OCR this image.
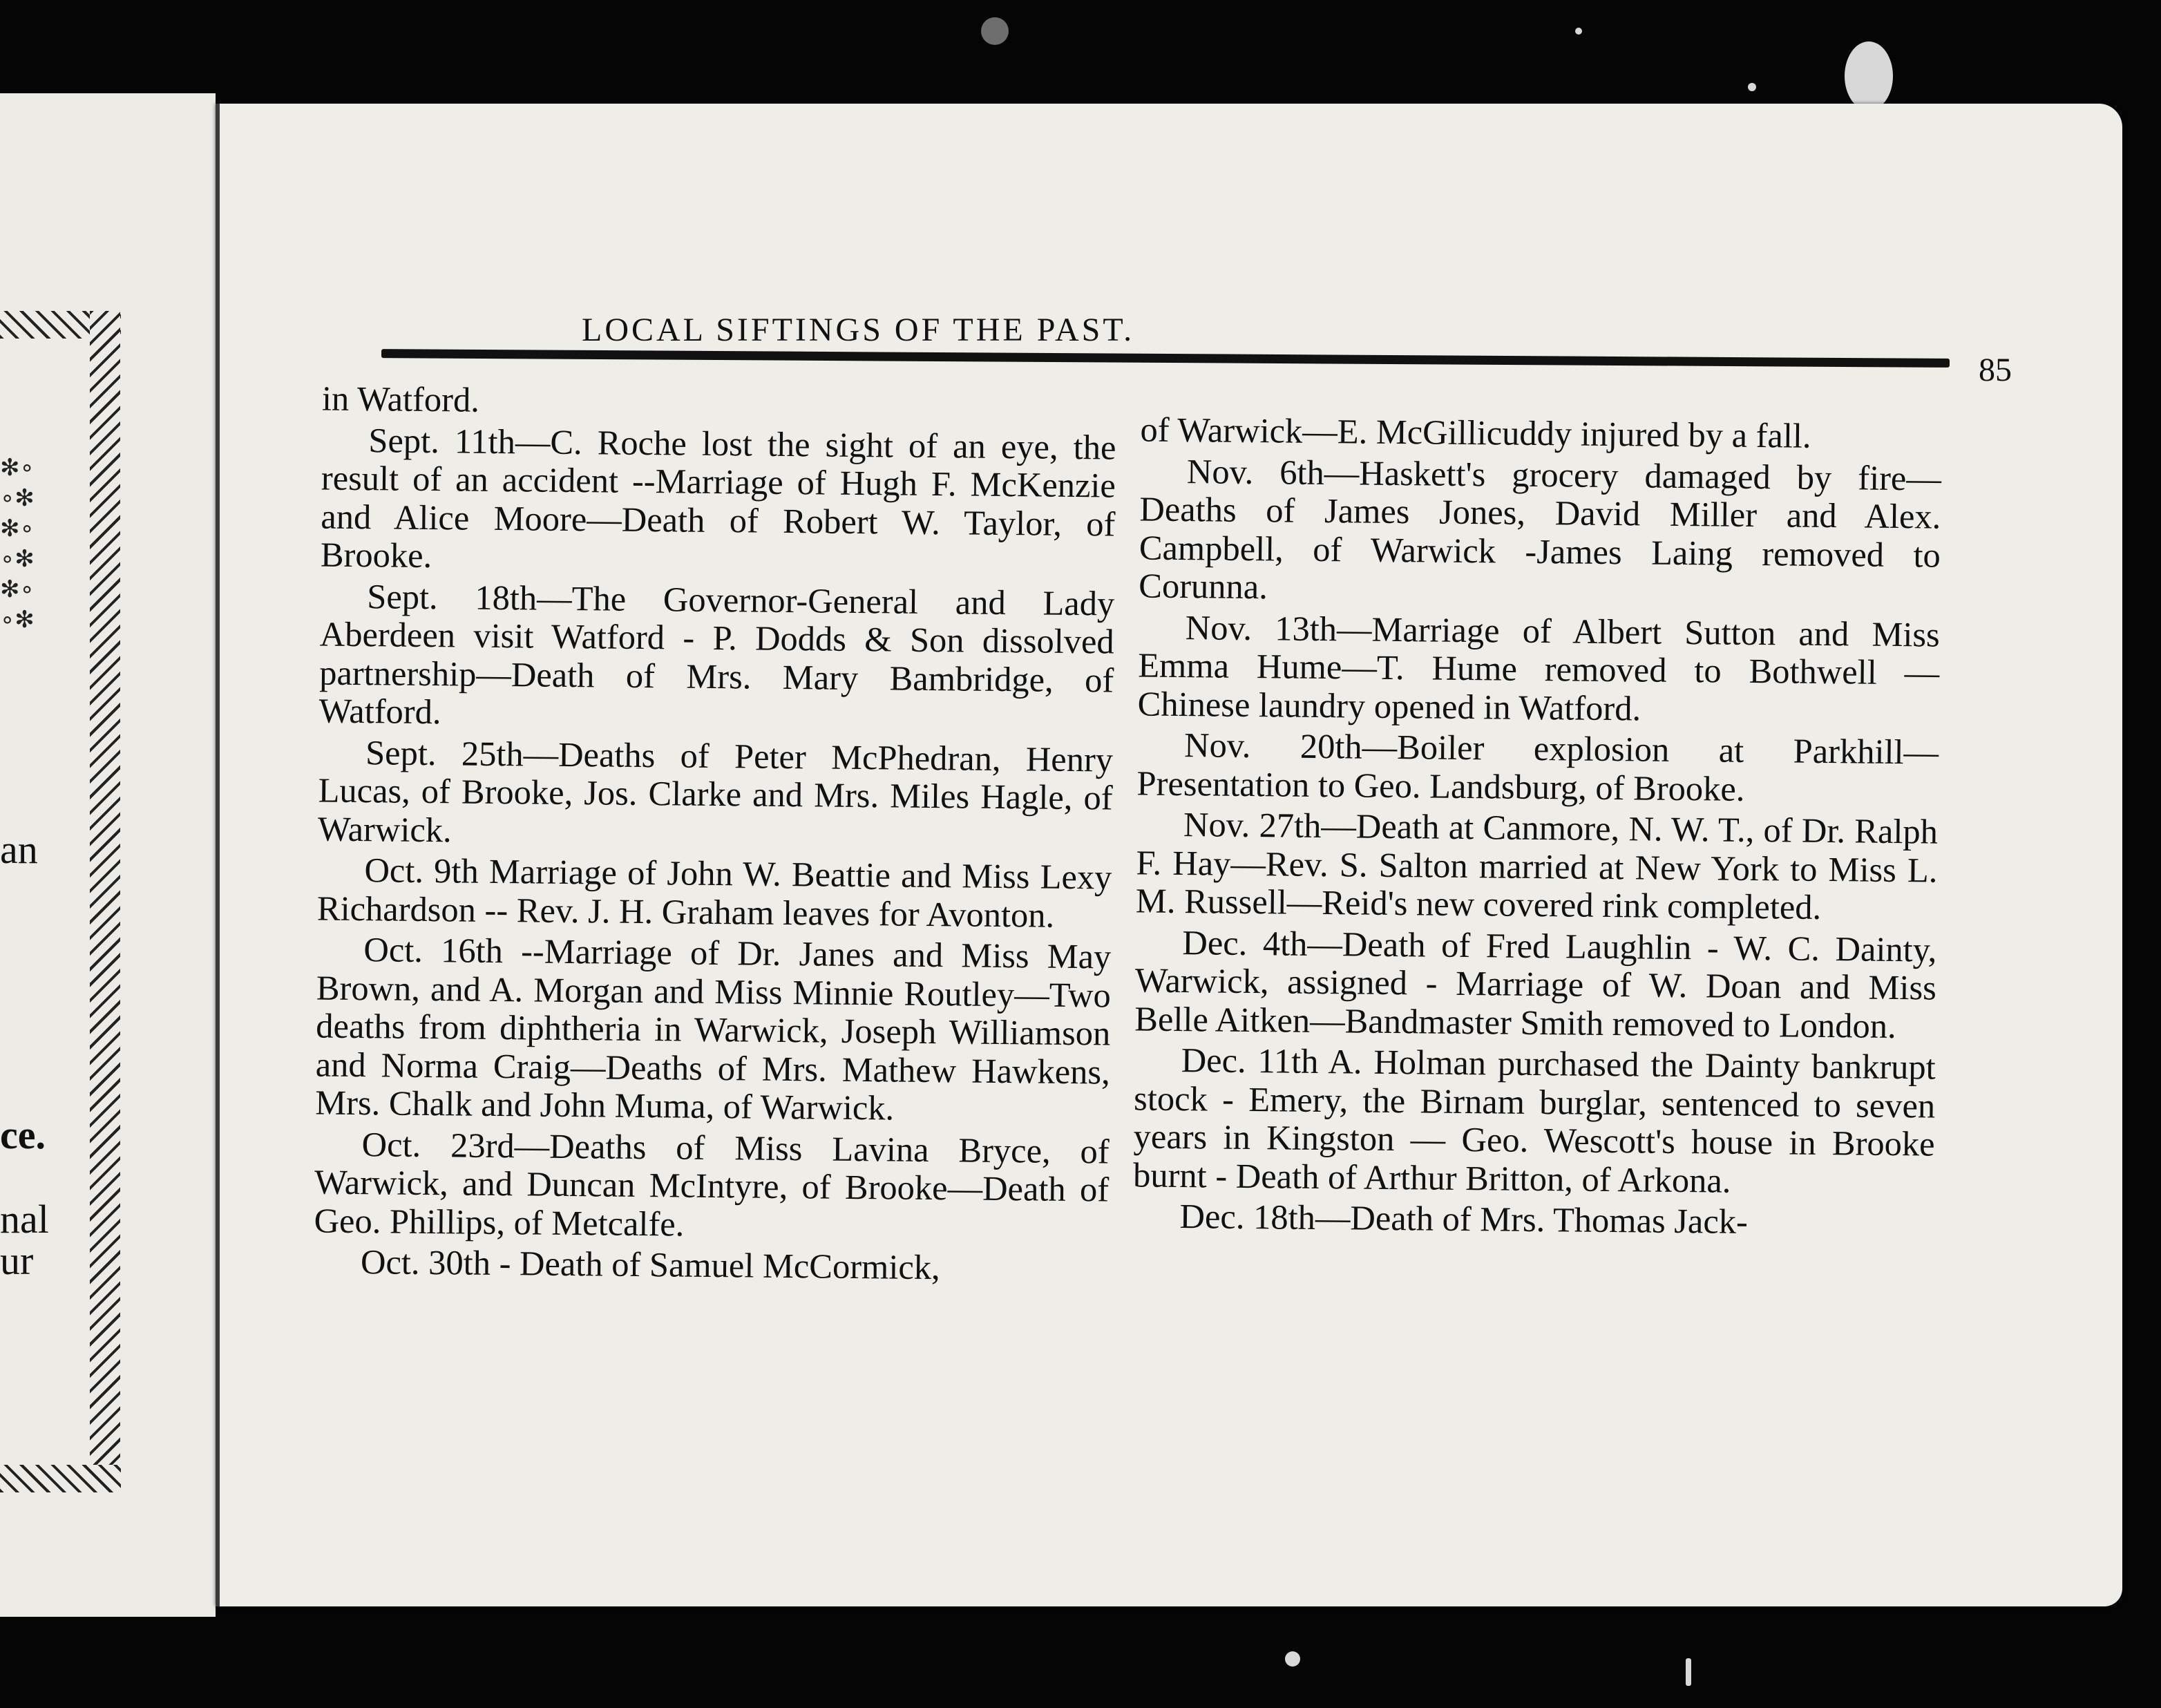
✻∘
∘✻
✻∘
∘✻
✻∘
∘✻
an
ce.
nal
ur
LOCAL SIFTINGS OF THE PAST.
85

in Watford.

Sept. 11th—C. Roche lost the sight of an eye, the result of an accident --Marriage of Hugh F. McKenzie and Alice Moore—Death of Robert W. Taylor, of Brooke.

Sept. 18th—The Governor-General and Lady Aberdeen visit Watford - P. Dodds & Son dissolved partnership—Death of Mrs. Mary Bambridge, of Watford.

Sept. 25th—Deaths of Peter McPhedran, Henry Lucas, of Brooke, Jos. Clarke and Mrs. Miles Hagle, of Warwick.

Oct. 9th Marriage of John W. Beattie and Miss Lexy Richardson -- Rev. J. H. Graham leaves for Avonton.

Oct. 16th --Marriage of Dr. Janes and Miss May Brown, and A. Morgan and Miss Minnie Routley—Two deaths from diphtheria in Warwick, Joseph Williamson and Norma Craig—Deaths of Mrs. Mathew Hawkens, Mrs. Chalk and John Muma, of Warwick.

Oct. 23rd—Deaths of Miss Lavina Bryce, of Warwick, and Duncan McIntyre, of Brooke—Death of Geo. Phillips, of Metcalfe.

Oct. 30th - Death of Samuel McCormick,

of Warwick—E. McGillicuddy injured by a fall.

Nov. 6th—Haskett's grocery damaged by fire—Deaths of James Jones, David Miller and Alex. Campbell, of Warwick -James Laing removed to Corunna.

Nov. 13th—Marriage of Albert Sutton and Miss Emma Hume—T. Hume removed to Bothwell — Chinese laundry opened in Watford.

Nov. 20th—Boiler explosion at Parkhill—Presentation to Geo. Landsburg, of Brooke.

Nov. 27th—Death at Canmore, N. W. T., of Dr. Ralph F. Hay—Rev. S. Salton married at New York to Miss L. M. Russell—Reid's new covered rink completed.

Dec. 4th—Death of Fred Laughlin - W. C. Dainty, Warwick, assigned - Marriage of W. Doan and Miss Belle Aitken—Bandmaster Smith removed to London.

Dec. 11th A. Holman purchased the Dainty bankrupt stock - Emery, the Birnam burglar, sentenced to seven years in Kingston — Geo. Wescott's house in Brooke burnt - Death of Arthur Britton, of Arkona.

Dec. 18th—Death of Mrs. Thomas Jack-
